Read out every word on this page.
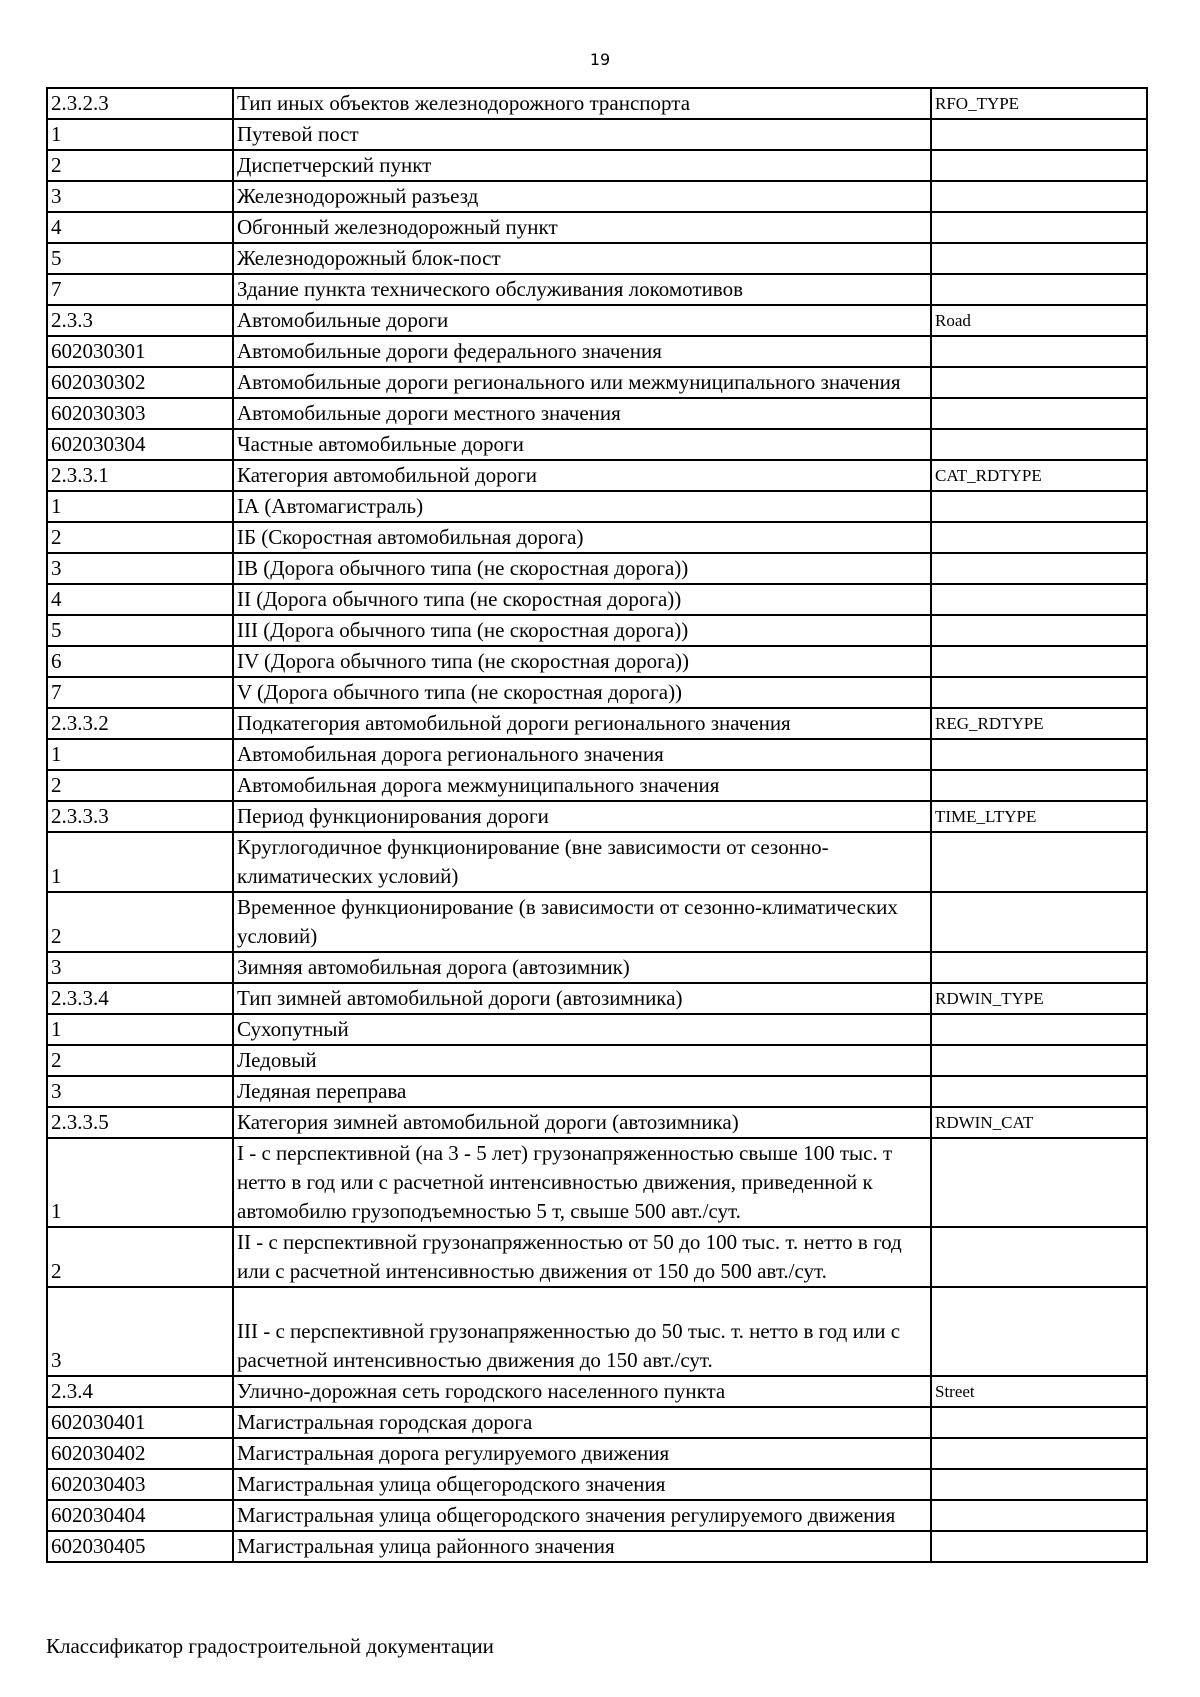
19
2.3.2.3	Тип иных объектов железнодорожного транспорта	RFO_TYPE
1	Путевой пост	
2	Диспетчерский пункт	
3	Железнодорожный разъезд	
4	Обгонный железнодорожный пункт	
5	Железнодорожный блок-пост	
7	Здание пункта технического обслуживания локомотивов	
2.3.3	Автомобильные дороги	Road
602030301	Автомобильные дороги федерального значения	
602030302	Автомобильные дороги регионального или межмуниципального значения	
602030303	Автомобильные дороги местного значения	
602030304	Частные автомобильные дороги	
2.3.3.1	Категория автомобильной дороги	CAT_RDTYPE
1	IА (Автомагистраль)	
2	IБ (Скоростная автомобильная дорога)	
3	IВ (Дорога обычного типа (не скоростная дорога))	
4	II (Дорога обычного типа (не скоростная дорога))	
5	III (Дорога обычного типа (не скоростная дорога))	
6	IV (Дорога обычного типа (не скоростная дорога))	
7	V (Дорога обычного типа (не скоростная дорога))	
2.3.3.2	Подкатегория автомобильной дороги регионального значения	REG_RDTYPE
1	Автомобильная дорога регионального значения	
2	Автомобильная дорога межмуниципального значения	
2.3.3.3	Период функционирования дороги	TIME_LTYPE
1	Круглогодичное функционирование (вне зависимости от сезонно-климатических условий)	
2	Временное функционирование (в зависимости от сезонно-климатических условий)	
3	Зимняя автомобильная дорога (автозимник)	
2.3.3.4	Тип зимней автомобильной дороги (автозимника)	RDWIN_TYPE
1	Сухопутный	
2	Ледовый	
3	Ледяная переправа	
2.3.3.5	Категория зимней автомобильной дороги (автозимника)	RDWIN_CAT
1	I - с перспективной (на 3 - 5 лет) грузонапряженностью свыше 100 тыс. т нетто в год или с расчетной интенсивностью движения, приведенной к автомобилю грузоподъемностью 5 т, свыше 500 авт./сут.	
2	II - с перспективной грузонапряженностью от 50 до 100 тыс. т. нетто в год или с расчетной интенсивностью движения от 150 до 500 авт./сут.	
3	III - с перспективной грузонапряженностью до 50 тыс. т. нетто в год или с расчетной интенсивностью движения до 150 авт./сут.	
2.3.4	Улично-дорожная сеть городского населенного пункта	Street
602030401	Магистральная городская дорога	
602030402	Магистральная дорога регулируемого движения	
602030403	Магистральная улица общегородского значения	
602030404	Магистральная улица общегородского значения регулируемого движения	
602030405	Магистральная улица районного значения	
Классификатор градостроительной документации
